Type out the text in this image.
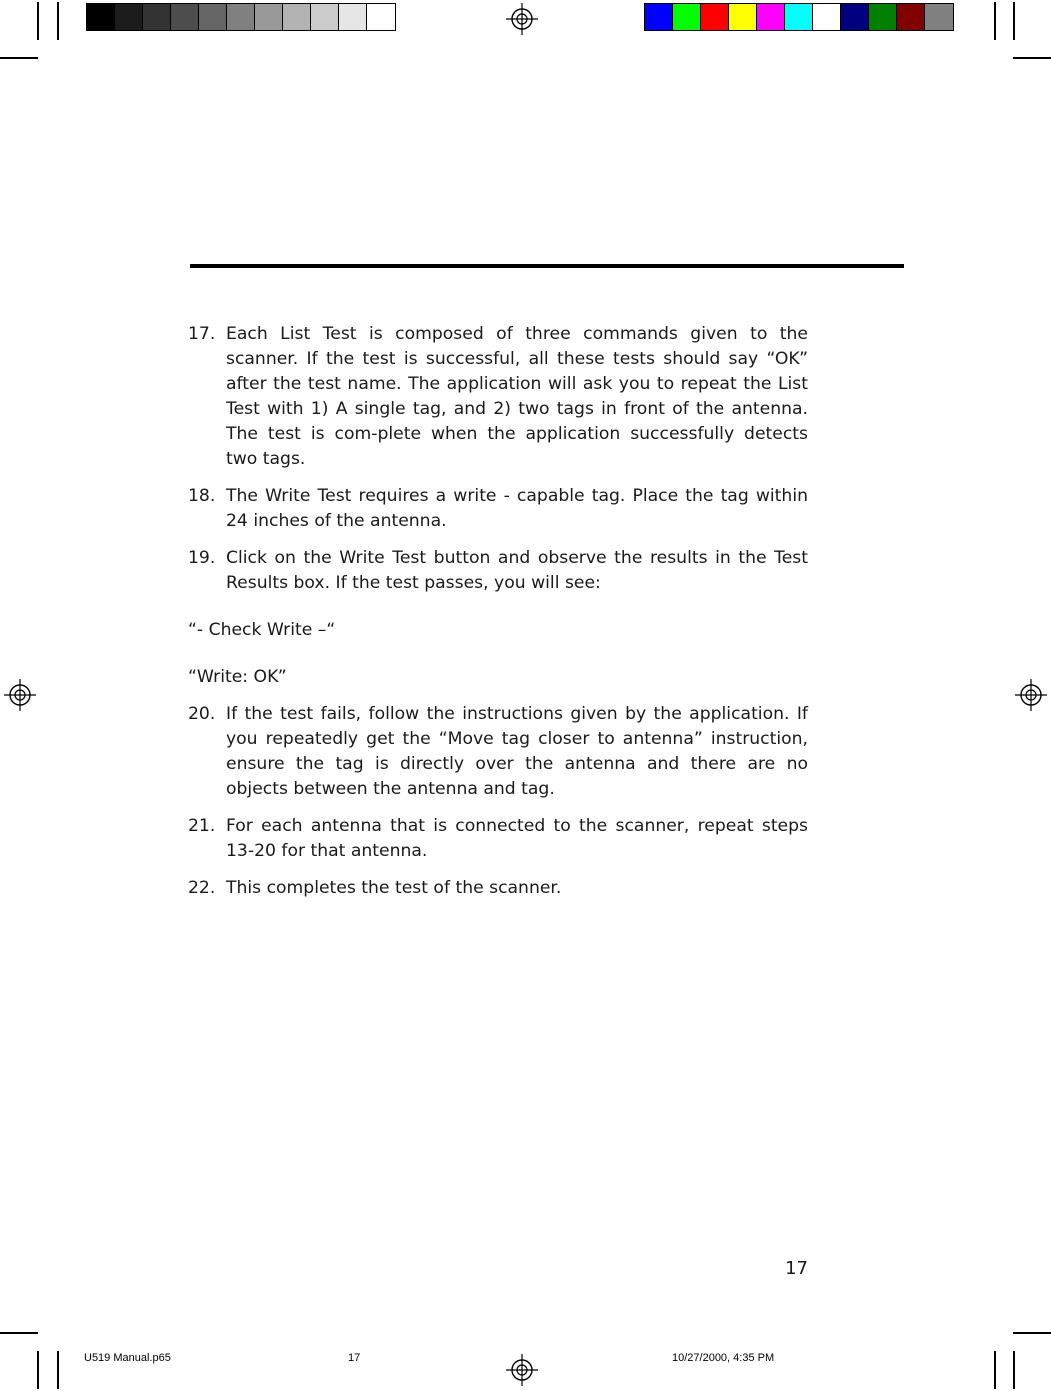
17. Each List Test is composed of three commands given to the scanner. If the test is successful, all these tests should say “OK” after the test name. The application will ask you to repeat the List Test with 1) A single tag, and 2) two tags in front of the antenna. The test is com-plete when the application successfully detects two tags.
18. The Write Test requires a write - capable tag. Place the tag within 24 inches of the antenna.
19. Click on the Write Test button and observe the results in the Test Results box. If the test passes, you will see:
“- Check Write –“
“Write: OK”
20. If the test fails, follow the instructions given by the application. If you repeatedly get the “Move tag closer to antenna” instruction, ensure the tag is directly over the antenna and there are no objects between the antenna and tag.
21. For each antenna that is connected to the scanner, repeat steps 13-20 for that antenna.
22. This completes the test of the scanner.
17
U519 Manual.p65	17	10/27/2000, 4:35 PM
